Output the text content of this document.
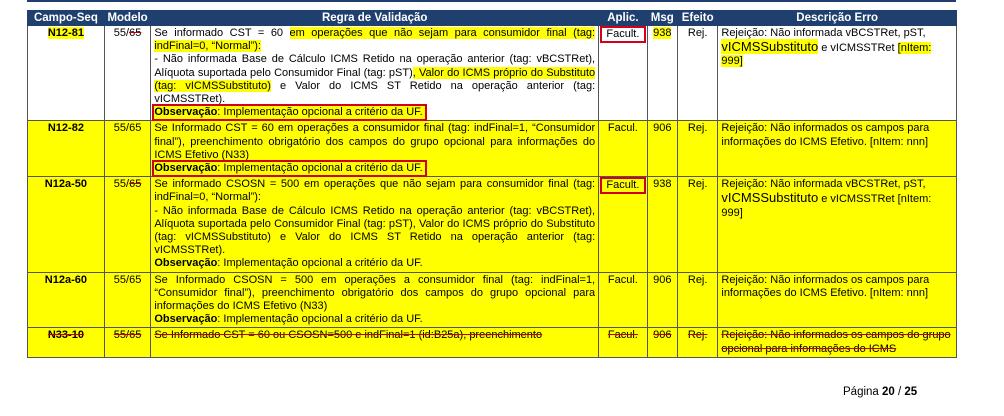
Campo-Seq	Modelo	Regra de Validação	Aplic.	Msg	Efeito	Descrição Erro
N12-81	55/65	Se informado CST = 60 em operações que não sejam para consumidor final (tag: indFinal=0, “Normal”):
- Não informada Base de Cálculo ICMS Retido na operação anterior (tag: vBCSTRet), Alíquota suportada pelo Consumidor Final (tag: pST), Valor do ICMS próprio do Substituto (tag: vICMSSubstituto) e Valor do ICMS ST Retido na operação anterior (tag: vICMSSTRet).
Observação: Implementação opcional a critério da UF.	Facult.	938	Rej.	Rejeição: Não informada vBCSTRet, pST, vICMSSubstituto e vICMSSTRet [nItem: 999]
N12-82	55/65	Se Informado CST = 60 em operações a consumidor final (tag: indFinal=1, “Consumidor final”), preenchimento obrigatório dos campos do grupo opcional para informações do ICMS Efetivo (N33)
Observação: Implementação opcional a critério da UF.	Facul.	906	Rej.	Rejeição: Não informados os campos para informações do ICMS Efetivo. [nItem: nnn]
N12a-50	55/65	Se informado CSOSN = 500 em operações que não sejam para consumidor final (tag: indFinal=0, “Normal”):
- Não informada Base de Cálculo ICMS Retido na operação anterior (tag: vBCSTRet), Alíquota suportada pelo Consumidor Final (tag: pST), Valor do ICMS próprio do Substituto (tag: vICMSSubstituto) e Valor do ICMS ST Retido na operação anterior (tag: vICMSSTRet).
Observação: Implementação opcional a critério da UF.	Facult.	938	Rej.	Rejeição: Não informada vBCSTRet, pST, vICMSSubstituto e vICMSSTRet [nItem: 999]
N12a-60	55/65	Se Informado CSOSN = 500 em operações a consumidor final (tag: indFinal=1, “Consumidor final”), preenchimento obrigatório dos campos do grupo opcional para informações do ICMS Efetivo (N33)
Observação: Implementação opcional a critério da UF.	Facul.	906	Rej.	Rejeição: Não informados os campos para informações do ICMS Efetivo. [nItem: nnn]
N33-10	55/65	Se Informado CST = 60 ou CSOSN=500 e indFinal=1 (id:B25a), preenchimento	Facul.	906	Rej.	Rejeição: Não informados os campos do grupo opcional para informações do ICMS
Página 20 / 25
